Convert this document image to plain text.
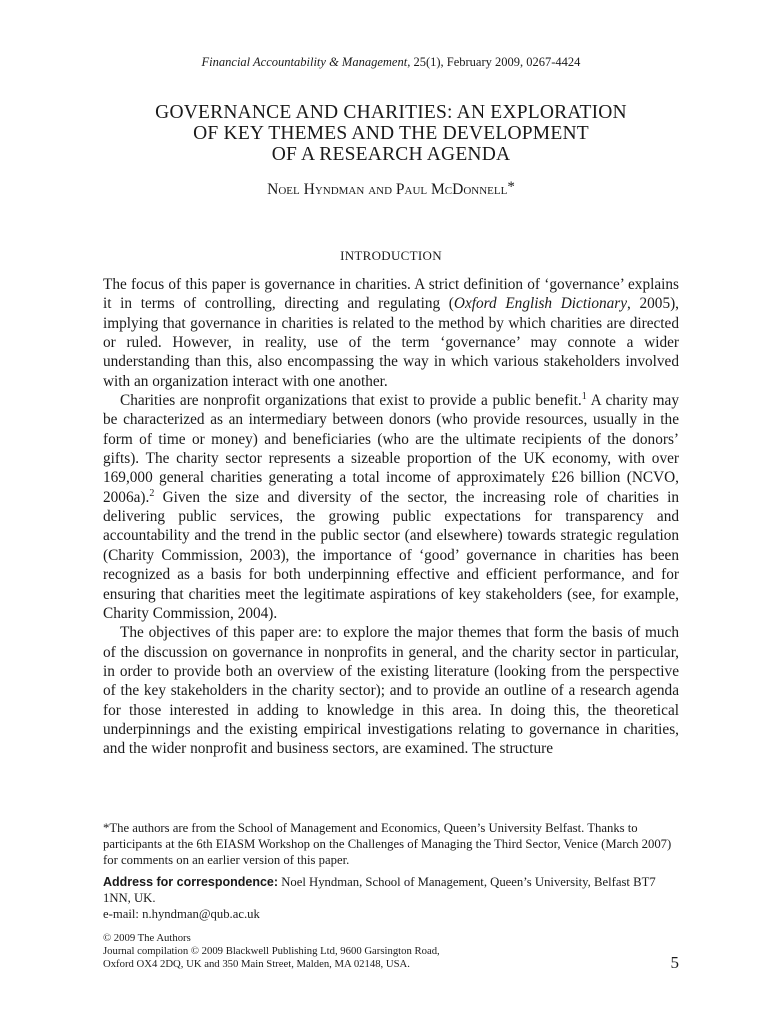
Financial Accountability & Management, 25(1), February 2009, 0267-4424
GOVERNANCE AND CHARITIES: AN EXPLORATION
OF KEY THEMES AND THE DEVELOPMENT
OF A RESEARCH AGENDA
Noel Hyndman and Paul McDonnell*
INTRODUCTION

The focus of this paper is governance in charities. A strict definition of ‘governance’ explains it in terms of controlling, directing and regulating (Oxford English Dictionary, 2005), implying that governance in charities is related to the method by which charities are directed or ruled. However, in reality, use of the term ‘governance’ may connote a wider understanding than this, also encompassing the way in which various stakeholders involved with an organization interact with one another.

Charities are nonprofit organizations that exist to provide a public benefit.$^1$ A charity may be characterized as an intermediary between donors (who provide resources, usually in the form of time or money) and beneficiaries (who are the ultimate recipients of the donors’ gifts). The charity sector represents a sizeable proportion of the UK economy, with over 169,000 general charities generating a total income of approximately £26 billion (NCVO, 2006a).$^2$ Given the size and diversity of the sector, the increasing role of charities in delivering public services, the growing public expectations for transparency and accountability and the trend in the public sector (and elsewhere) towards strategic regulation (Charity Commission, 2003), the importance of ‘good’ governance in charities has been recognized as a basis for both underpinning effective and efficient performance, and for ensuring that charities meet the legitimate aspirations of key stakeholders (see, for example, Charity Commission, 2004).

The objectives of this paper are: to explore the major themes that form the basis of much of the discussion on governance in nonprofits in general, and the charity sector in particular, in order to provide both an overview of the existing literature (looking from the perspective of the key stakeholders in the charity sector); and to provide an outline of a research agenda for those interested in adding to knowledge in this area. In doing this, the theoretical underpinnings and the existing empirical investigations relating to governance in charities, and the wider nonprofit and business sectors, are examined. The structure

*The authors are from the School of Management and Economics, Queen’s University Belfast. Thanks to participants at the 6th EIASM Workshop on the Challenges of Managing the Third Sector, Venice (March 2007) for comments on an earlier version of this paper.

Address for correspondence: Noel Hyndman, School of Management, Queen’s University, Belfast BT7 1NN, UK.

e-mail: n.hyndman@qub.ac.uk

© 2009 The Authors

Journal compilation © 2009 Blackwell Publishing Ltd, 9600 Garsington Road,

Oxford OX4 2DQ, UK and 350 Main Street, Malden, MA 02148, USA.	5
